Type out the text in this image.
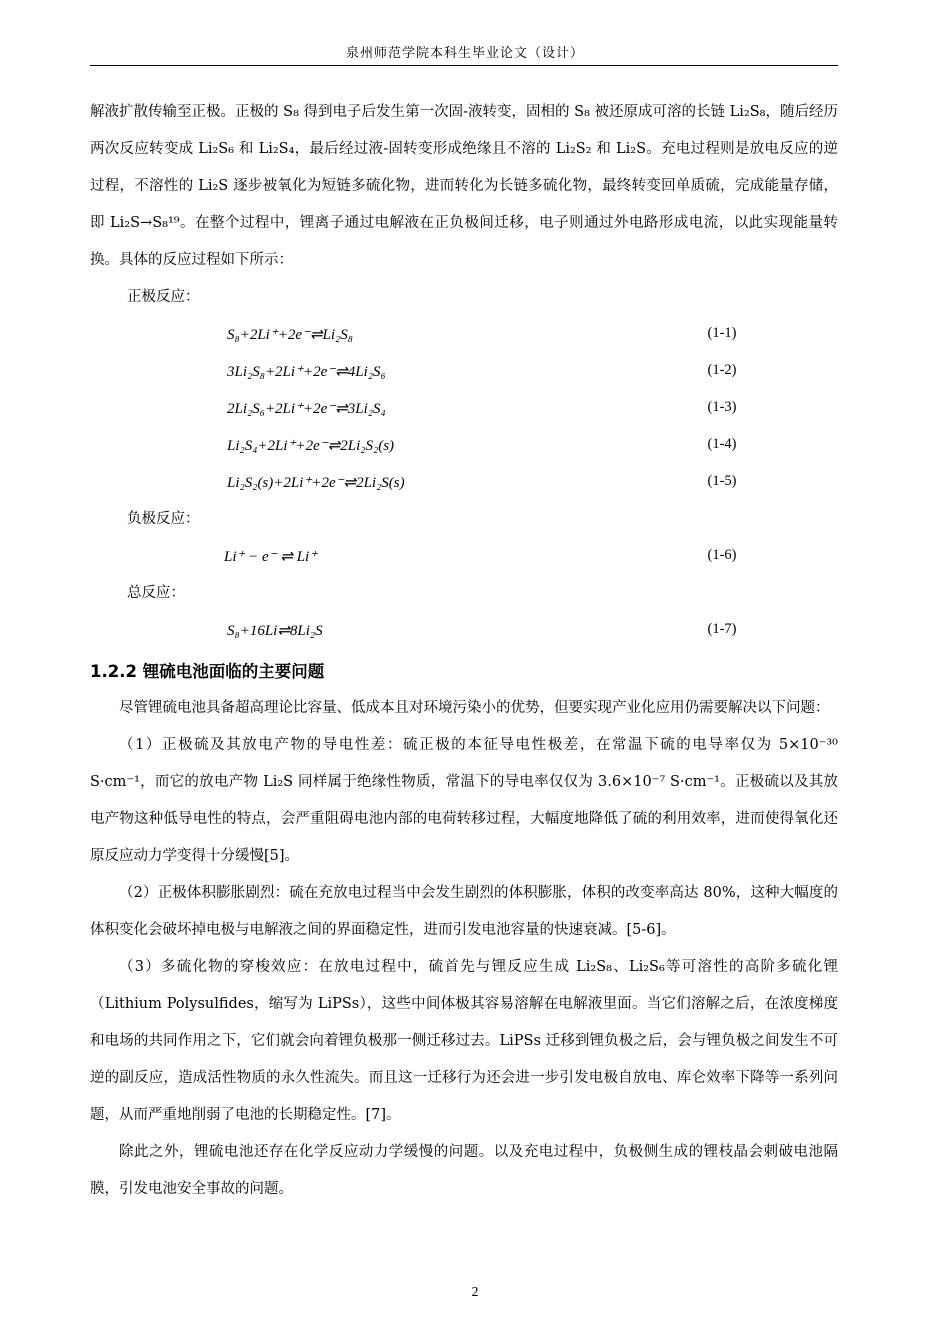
泉州师范学院本科生毕业论文（设计）

解液扩散传输至正极。正极的 S₈ 得到电子后发生第一次固-液转变，固相的 S₈ 被还原成可溶的长链 Li₂S₈，随后经历两次反应转变成 Li₂S₆ 和 Li₂S₄，最后经过液-固转变形成绝缘且不溶的 Li₂S₂ 和 Li₂S。充电过程则是放电反应的逆过程，不溶性的 Li₂S 逐步被氧化为短链多硫化物，进而转化为长链多硫化物，最终转变回单质硫，完成能量存储，即 Li₂S→S₈¹⁹。在整个过程中，锂离子通过电解液在正负极间迁移，电子则通过外电路形成电流，以此实现能量转换。具体的反应过程如下所示：

正极反应：
S₈+2Li⁺+2e⁻⇌Li₂S₈	(1-1)
3Li₂S₈+2Li⁺+2e⁻⇌4Li₂S₆	(1-2)
2Li₂S₆+2Li⁺+2e⁻⇌3Li₂S₄	(1-3)
Li₂S₄+2Li⁺+2e⁻⇌2Li₂S₂(s)	(1-4)
Li₂S₂(s)+2Li⁺+2e⁻⇌2Li₂S(s)	(1-5)
负极反应：
Li⁺ − e⁻ ⇌ Li⁺	(1-6)
总反应：
S₈+16Li⇌8Li₂S	(1-7)
1.2.2 锂硫电池面临的主要问题

尽管锂硫电池具备超高理论比容量、低成本且对环境污染小的优势，但要实现产业化应用仍需要解决以下问题：

（1）正极硫及其放电产物的导电性差：硫正极的本征导电性极差，在常温下硫的电导率仅为 5×10⁻³⁰ S·cm⁻¹，而它的放电产物 Li₂S 同样属于绝缘性物质，常温下的导电率仅仅为 3.6×10⁻⁷ S·cm⁻¹。正极硫以及其放电产物这种低导电性的特点，会严重阻碍电池内部的电荷转移过程，大幅度地降低了硫的利用效率，进而使得氧化还原反应动力学变得十分缓慢[5]。

（2）正极体积膨胀剧烈：硫在充放电过程当中会发生剧烈的体积膨胀，体积的改变率高达 80%，这种大幅度的体积变化会破坏掉电极与电解液之间的界面稳定性，进而引发电池容量的快速衰减。[5-6]。

（3）多硫化物的穿梭效应：在放电过程中，硫首先与锂反应生成 Li₂S₈、Li₂S₆等可溶性的高阶多硫化锂（Lithium Polysulfides，缩写为 LiPSs），这些中间体极其容易溶解在电解液里面。当它们溶解之后，在浓度梯度和电场的共同作用之下，它们就会向着锂负极那一侧迁移过去。LiPSs 迁移到锂负极之后，会与锂负极之间发生不可逆的副反应，造成活性物质的永久性流失。而且这一迁移行为还会进一步引发电极自放电、库仑效率下降等一系列问题，从而严重地削弱了电池的长期稳定性。[7]。

除此之外，锂硫电池还存在化学反应动力学缓慢的问题。以及充电过程中，负极侧生成的锂枝晶会刺破电池隔膜，引发电池安全事故的问题。

2
